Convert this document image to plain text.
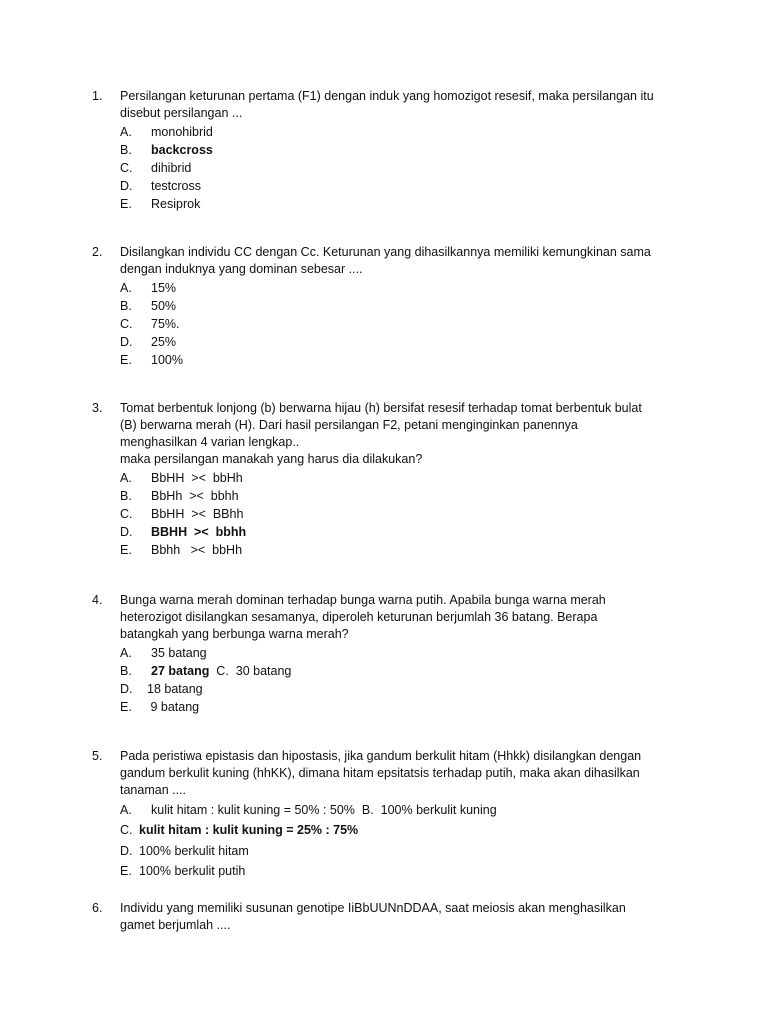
1.	Persilangan keturunan pertama (F1) dengan induk yang homozigot resesif, maka persilangan itu
disebut persilangan ...
A.	monohibrid
B.	backcross
C.	dihibrid
D.	testcross
E.	Resiprok
2.	Disilangkan individu CC dengan Cc. Keturunan yang dihasilkannya memiliki kemungkinan sama
dengan induknya yang dominan sebesar ....
A.	15%
B.	50%
C.	75%.
D.	25%
E.	100%
3.	Tomat berbentuk lonjong (b) berwarna hijau (h) bersifat resesif terhadap tomat berbentuk bulat
(B) berwarna merah (H). Dari hasil persilangan F2, petani menginginkan panennya
menghasilkan 4 varian lengkap..
maka persilangan manakah yang harus dia dilakukan?
A.	BbHH  ><  bbHh
B.	BbHh  ><  bbhh
C.	BbHH  ><  BBhh
D.	BBHH  ><  bbhh
E.	Bbhh   ><  bbHh
4.	Bunga warna merah dominan terhadap bunga warna putih. Apabila bunga warna merah
heterozigot disilangkan sesamanya, diperoleh keturunan berjumlah 36 batang. Berapa
batangkah yang berbunga warna merah?
A.	35 batang
B.	27 batang C.  30 batang
D.	18 batang
E.	9 batang
5.	Pada peristiwa epistasis dan hipostasis, jika gandum berkulit hitam (Hhkk) disilangkan dengan
gandum berkulit kuning (hhKK), dimana hitam epsitatsis terhadap putih, maka akan dihasilkan
tanaman ....
A.	kulit hitam : kulit kuning = 50% : 50%  B.  100% berkulit kuning
C. kulit hitam : kulit kuning = 25% : 75%
D. 100% berkulit hitam
E. 100% berkulit putih
6.	Individu yang memiliki susunan genotipe IiBbUUNnDDAA, saat meiosis akan menghasilkan
gamet berjumlah ....
